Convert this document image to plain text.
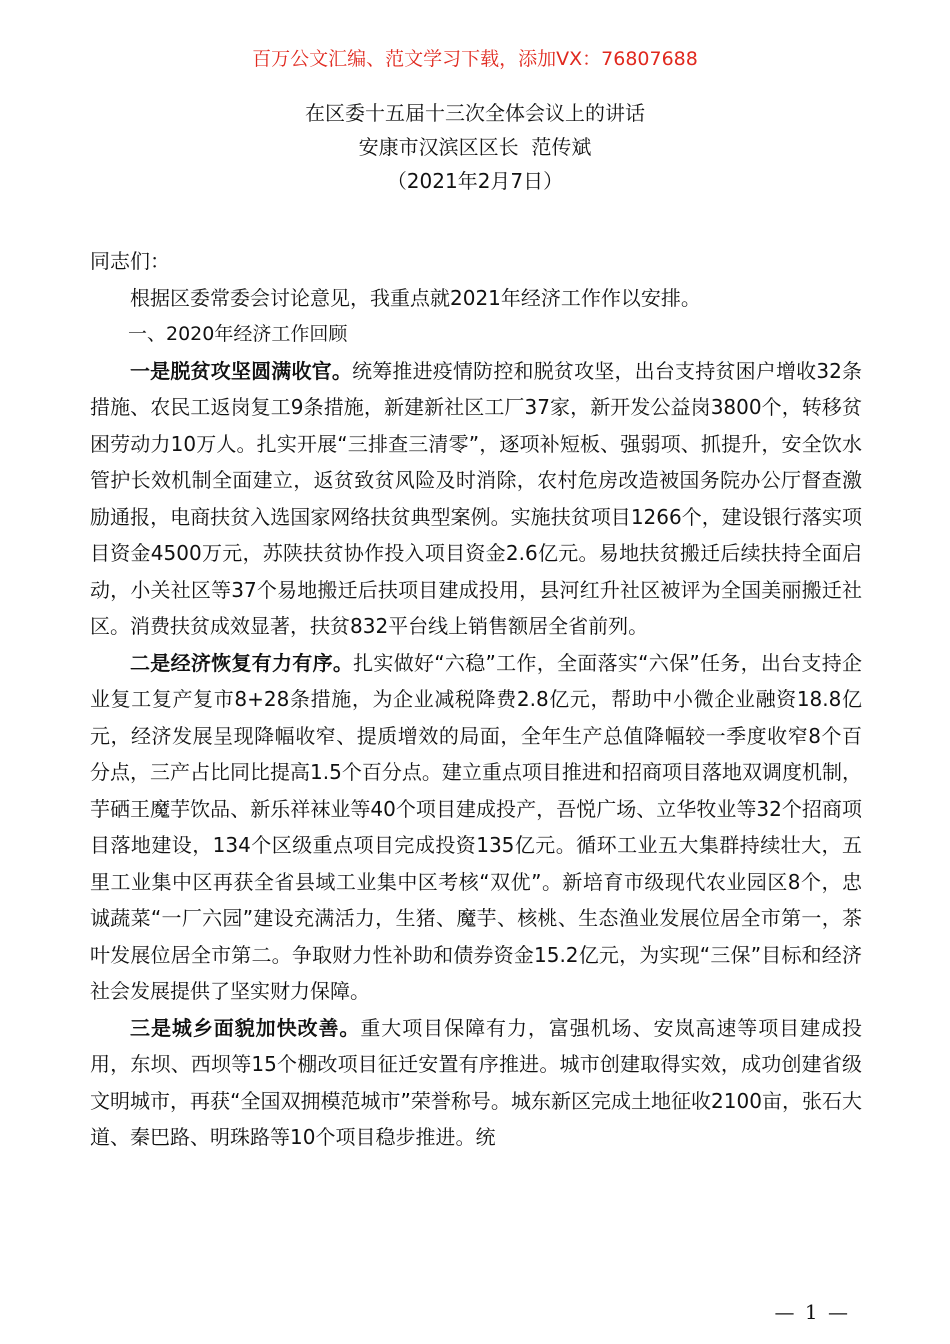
百万公文汇编、范文学习下载，添加VX：76807688
在区委十五届十三次全体会议上的讲话
安康市汉滨区区长  范传斌
（2021年2月7日）

同志们：

根据区委常委会讨论意见，我重点就2021年经济工作作以安排。

一、2020年经济工作回顾

一是脱贫攻坚圆满收官。统筹推进疫情防控和脱贫攻坚，出台支持贫困户增收32条措施、农民工返岗复工9条措施，新建新社区工厂37家，新开发公益岗3800个，转移贫困劳动力10万人。扎实开展“三排查三清零”，逐项补短板、强弱项、抓提升，安全饮水管护长效机制全面建立，返贫致贫风险及时消除，农村危房改造被国务院办公厅督查激励通报，电商扶贫入选国家网络扶贫典型案例。实施扶贫项目1266个，建设银行落实项目资金4500万元，苏陕扶贫协作投入项目资金2.6亿元。易地扶贫搬迁后续扶持全面启动，小关社区等37个易地搬迁后扶项目建成投用，县河红升社区被评为全国美丽搬迁社区。消费扶贫成效显著，扶贫832平台线上销售额居全省前列。

二是经济恢复有力有序。扎实做好“六稳”工作，全面落实“六保”任务，出台支持企业复工复产复市8+28条措施，为企业减税降费2.8亿元，帮助中小微企业融资18.8亿元，经济发展呈现降幅收窄、提质增效的局面，全年生产总值降幅较一季度收窄8个百分点，三产占比同比提高1.5个百分点。建立重点项目推进和招商项目落地双调度机制，芋硒王魔芋饮品、新乐祥袜业等40个项目建成投产，吾悦广场、立华牧业等32个招商项目落地建设，134个区级重点项目完成投资135亿元。循环工业五大集群持续壮大，五里工业集中区再获全省县域工业集中区考核“双优”。新培育市级现代农业园区8个，忠诚蔬菜“一厂六园”建设充满活力，生猪、魔芋、核桃、生态渔业发展位居全市第一，茶叶发展位居全市第二。争取财力性补助和债券资金15.2亿元，为实现“三保”目标和经济社会发展提供了坚实财力保障。

三是城乡面貌加快改善。重大项目保障有力，富强机场、安岚高速等项目建成投用，东坝、西坝等15个棚改项目征迁安置有序推进。城市创建取得实效，成功创建省级文明城市，再获“全国双拥模范城市”荣誉称号。城东新区完成土地征收2100亩，张石大道、秦巴路、明珠路等10个项目稳步推进。统

— 1 —
